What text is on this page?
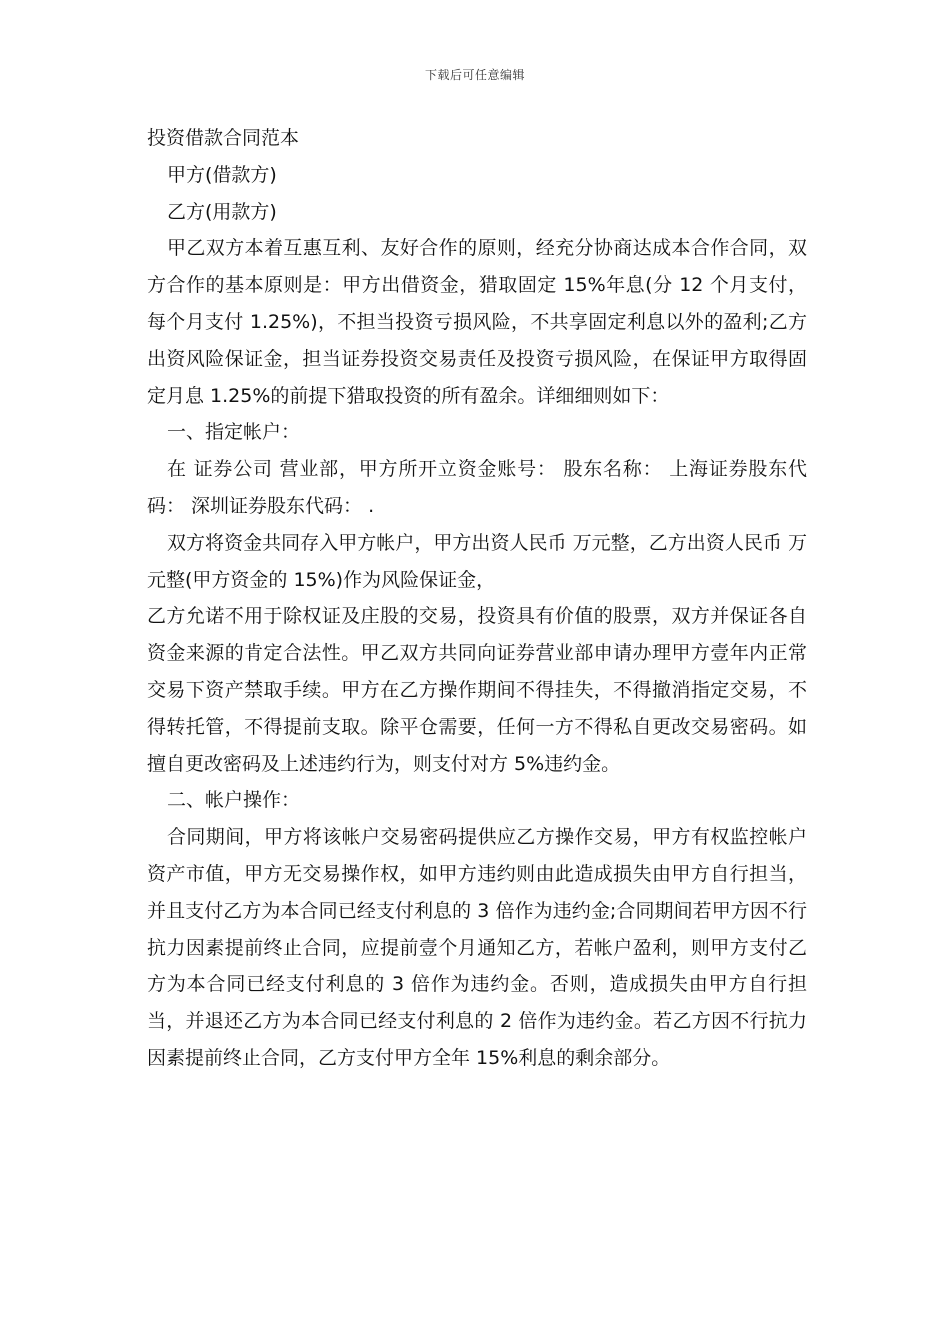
下载后可任意编辑

投资借款合同范本

甲方(借款方)

乙方(用款方)

甲乙双方本着互惠互利、友好合作的原则，经充分协商达成本合作合同，双方合作的基本原则是：甲方出借资金，猎取固定 15%年息(分 12 个月支付，每个月支付 1.25%)，不担当投资亏损风险，不共享固定利息以外的盈利;乙方出资风险保证金，担当证券投资交易责任及投资亏损风险，在保证甲方取得固定月息 1.25%的前提下猎取投资的所有盈余。详细细则如下：

一、指定帐户：

在 证券公司 营业部，甲方所开立资金账号： 股东名称： 上海证券股东代码： 深圳证券股东代码： .

双方将资金共同存入甲方帐户，甲方出资人民币 万元整，乙方出资人民币 万元整(甲方资金的 15%)作为风险保证金，

乙方允诺不用于除权证及庄股的交易，投资具有价值的股票，双方并保证各自资金来源的肯定合法性。甲乙双方共同向证券营业部申请办理甲方壹年内正常交易下资产禁取手续。甲方在乙方操作期间不得挂失，不得撤消指定交易，不得转托管，不得提前支取。除平仓需要，任何一方不得私自更改交易密码。如擅自更改密码及上述违约行为，则支付对方 5%违约金。

二、帐户操作：

合同期间，甲方将该帐户交易密码提供应乙方操作交易，甲方有权监控帐户资产市值，甲方无交易操作权，如甲方违约则由此造成损失由甲方自行担当，并且支付乙方为本合同已经支付利息的 3 倍作为违约金;合同期间若甲方因不行抗力因素提前终止合同，应提前壹个月通知乙方，若帐户盈利，则甲方支付乙方为本合同已经支付利息的 3 倍作为违约金。否则，造成损失由甲方自行担当，并退还乙方为本合同已经支付利息的 2 倍作为违约金。若乙方因不行抗力因素提前终止合同，乙方支付甲方全年 15%利息的剩余部分。
